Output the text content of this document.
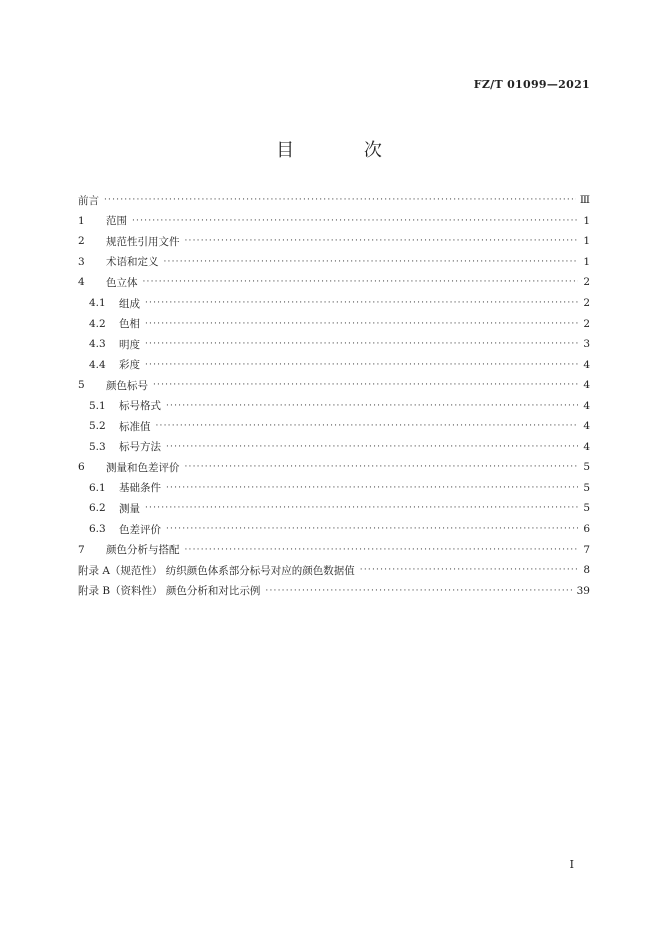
FZ/T 01099—2021
目 次
前言 ·····	Ⅲ
1	范围 ·····	1
2	规范性引用文件 ·····	1
3	术语和定义 ·····	1
4	色立体 ·····	2
4.1	组成 ·····	2
4.2	色相 ·····	2
4.3	明度 ·····	3
4.4	彩度 ·····	4
5	颜色标号 ·····	4
5.1	标号格式 ·····	4
5.2	标准值 ·····	4
5.3	标号方法 ·····	4
6	测量和色差评价 ·····	5
6.1	基础条件 ·····	5
6.2	测量 ·····	5
6.3	色差评价 ·····	6
7	颜色分析与搭配 ·····	7
附录 A（规范性） 纺织颜色体系部分标号对应的颜色数据值 ·····	8
附录 B（资料性） 颜色分析和对比示例 ·····	39
I
